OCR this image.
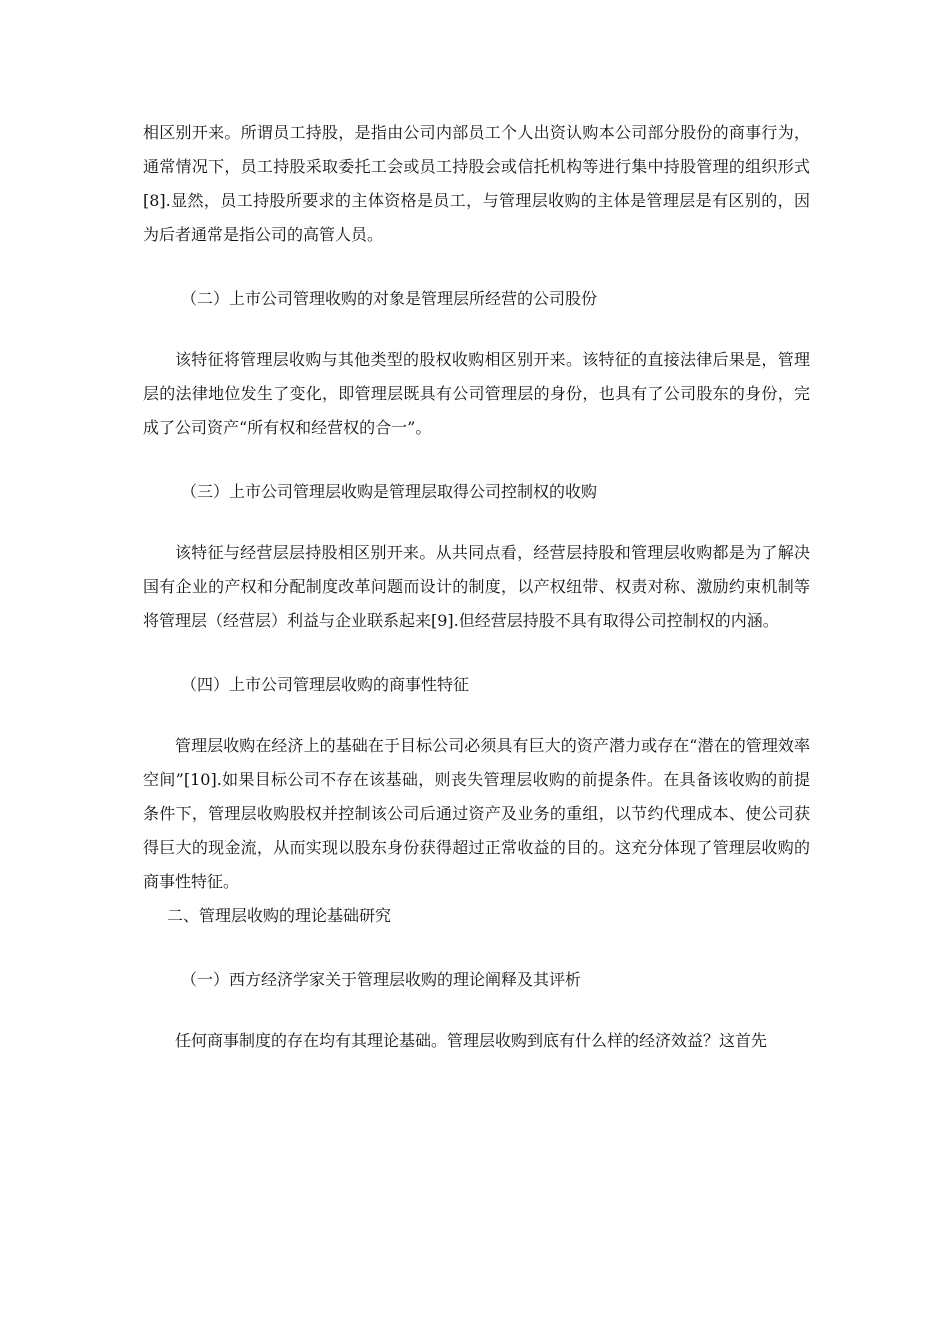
相区别开来。所谓员工持股，是指由公司内部员工个人出资认购本公司部分股份的商事行为，通常情况下，员工持股采取委托工会或员工持股会或信托机构等进行集中持股管理的组织形式[8].显然，员工持股所要求的主体资格是员工，与管理层收购的主体是管理层是有区别的，因为后者通常是指公司的高管人员。

（二）上市公司管理收购的对象是管理层所经营的公司股份

该特征将管理层收购与其他类型的股权收购相区别开来。该特征的直接法律后果是，管理层的法律地位发生了变化，即管理层既具有公司管理层的身份，也具有了公司股东的身份，完成了公司资产“所有权和经营权的合一”。

（三）上市公司管理层收购是管理层取得公司控制权的收购

该特征与经营层层持股相区别开来。从共同点看，经营层持股和管理层收购都是为了解决国有企业的产权和分配制度改革问题而设计的制度，以产权纽带、权责对称、激励约束机制等将管理层（经营层）利益与企业联系起来[9].但经营层持股不具有取得公司控制权的内涵。

（四）上市公司管理层收购的商事性特征

管理层收购在经济上的基础在于目标公司必须具有巨大的资产潜力或存在“潜在的管理效率空间”[10].如果目标公司不存在该基础，则丧失管理层收购的前提条件。在具备该收购的前提条件下，管理层收购股权并控制该公司后通过资产及业务的重组，以节约代理成本、使公司获得巨大的现金流，从而实现以股东身份获得超过正常收益的目的。这充分体现了管理层收购的商事性特征。

二、管理层收购的理论基础研究

（一）西方经济学家关于管理层收购的理论阐释及其评析

任何商事制度的存在均有其理论基础。管理层收购到底有什么样的经济效益？这首先
